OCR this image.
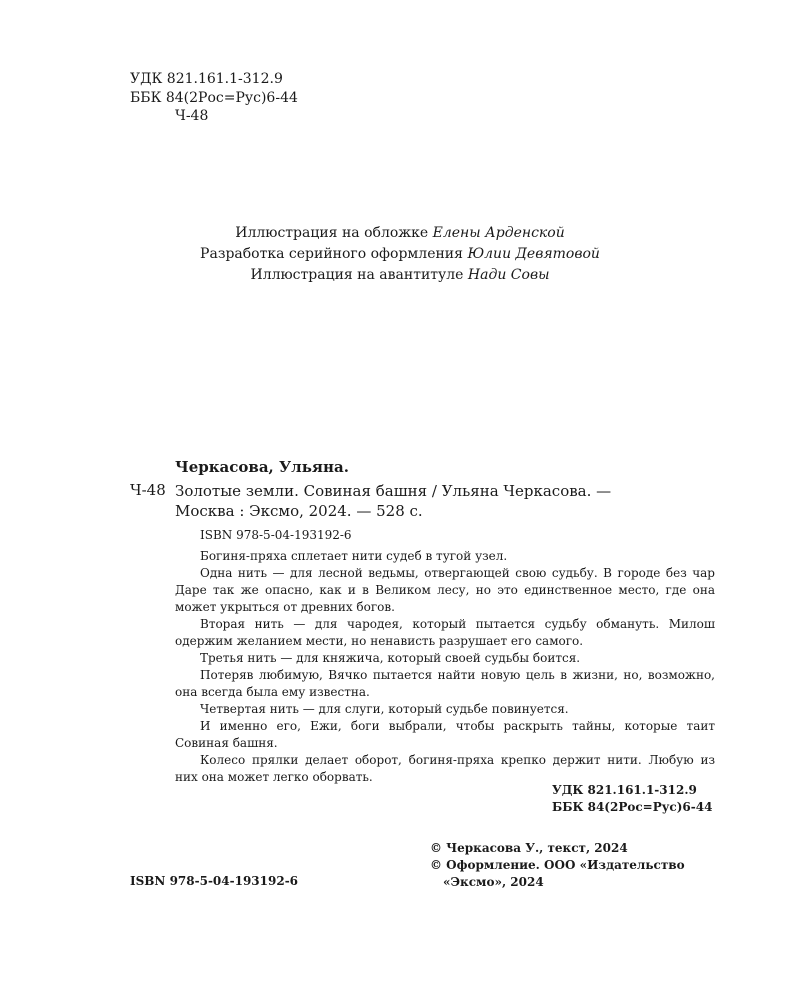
УДК 821.161.1-312.9
ББК 84(2Рос=Рус)6-44
Ч-48
Иллюстрация на обложке Елены Арденской
Разработка серийного оформления Юлии Девятовой
Иллюстрация на авантитуле Нади Совы
Черкасова, Ульяна.
Ч-48 Золотые земли. Совиная башня / Ульяна Черкасова. —
Москва : Эксмо, 2024. — 528 с.
ISBN 978-5-04-193192-6

Богиня-пряха сплетает нити судеб в тугой узел.

Одна нить — для лесной ведьмы, отвергающей свою судьбу. В городе без чар Даре так же опасно, как и в Великом лесу, но это единственное место, где она может укрыться от древних богов.

Вторая нить — для чародея, который пытается судьбу обмануть. Милош одержим желанием мести, но ненависть разрушает его самого.

Третья нить — для княжича, который своей судьбы боится.

Потеряв любимую, Вячко пытается найти новую цель в жизни, но, возможно, она всегда была ему известна.

Четвертая нить — для слуги, который судьбе повинуется.

И именно его, Ежи, боги выбрали, чтобы раскрыть тайны, которые таит Совиная башня.

Колесо прялки делает оборот, богиня-пряха крепко держит нити. Любую из них она может легко оборвать.

УДК 821.161.1-312.9
ББК 84(2Рос=Рус)6-44
© Черкасова У., текст, 2024
© Оформление. ООО «Издательство
«Эксмо», 2024
ISBN 978-5-04-193192-6
